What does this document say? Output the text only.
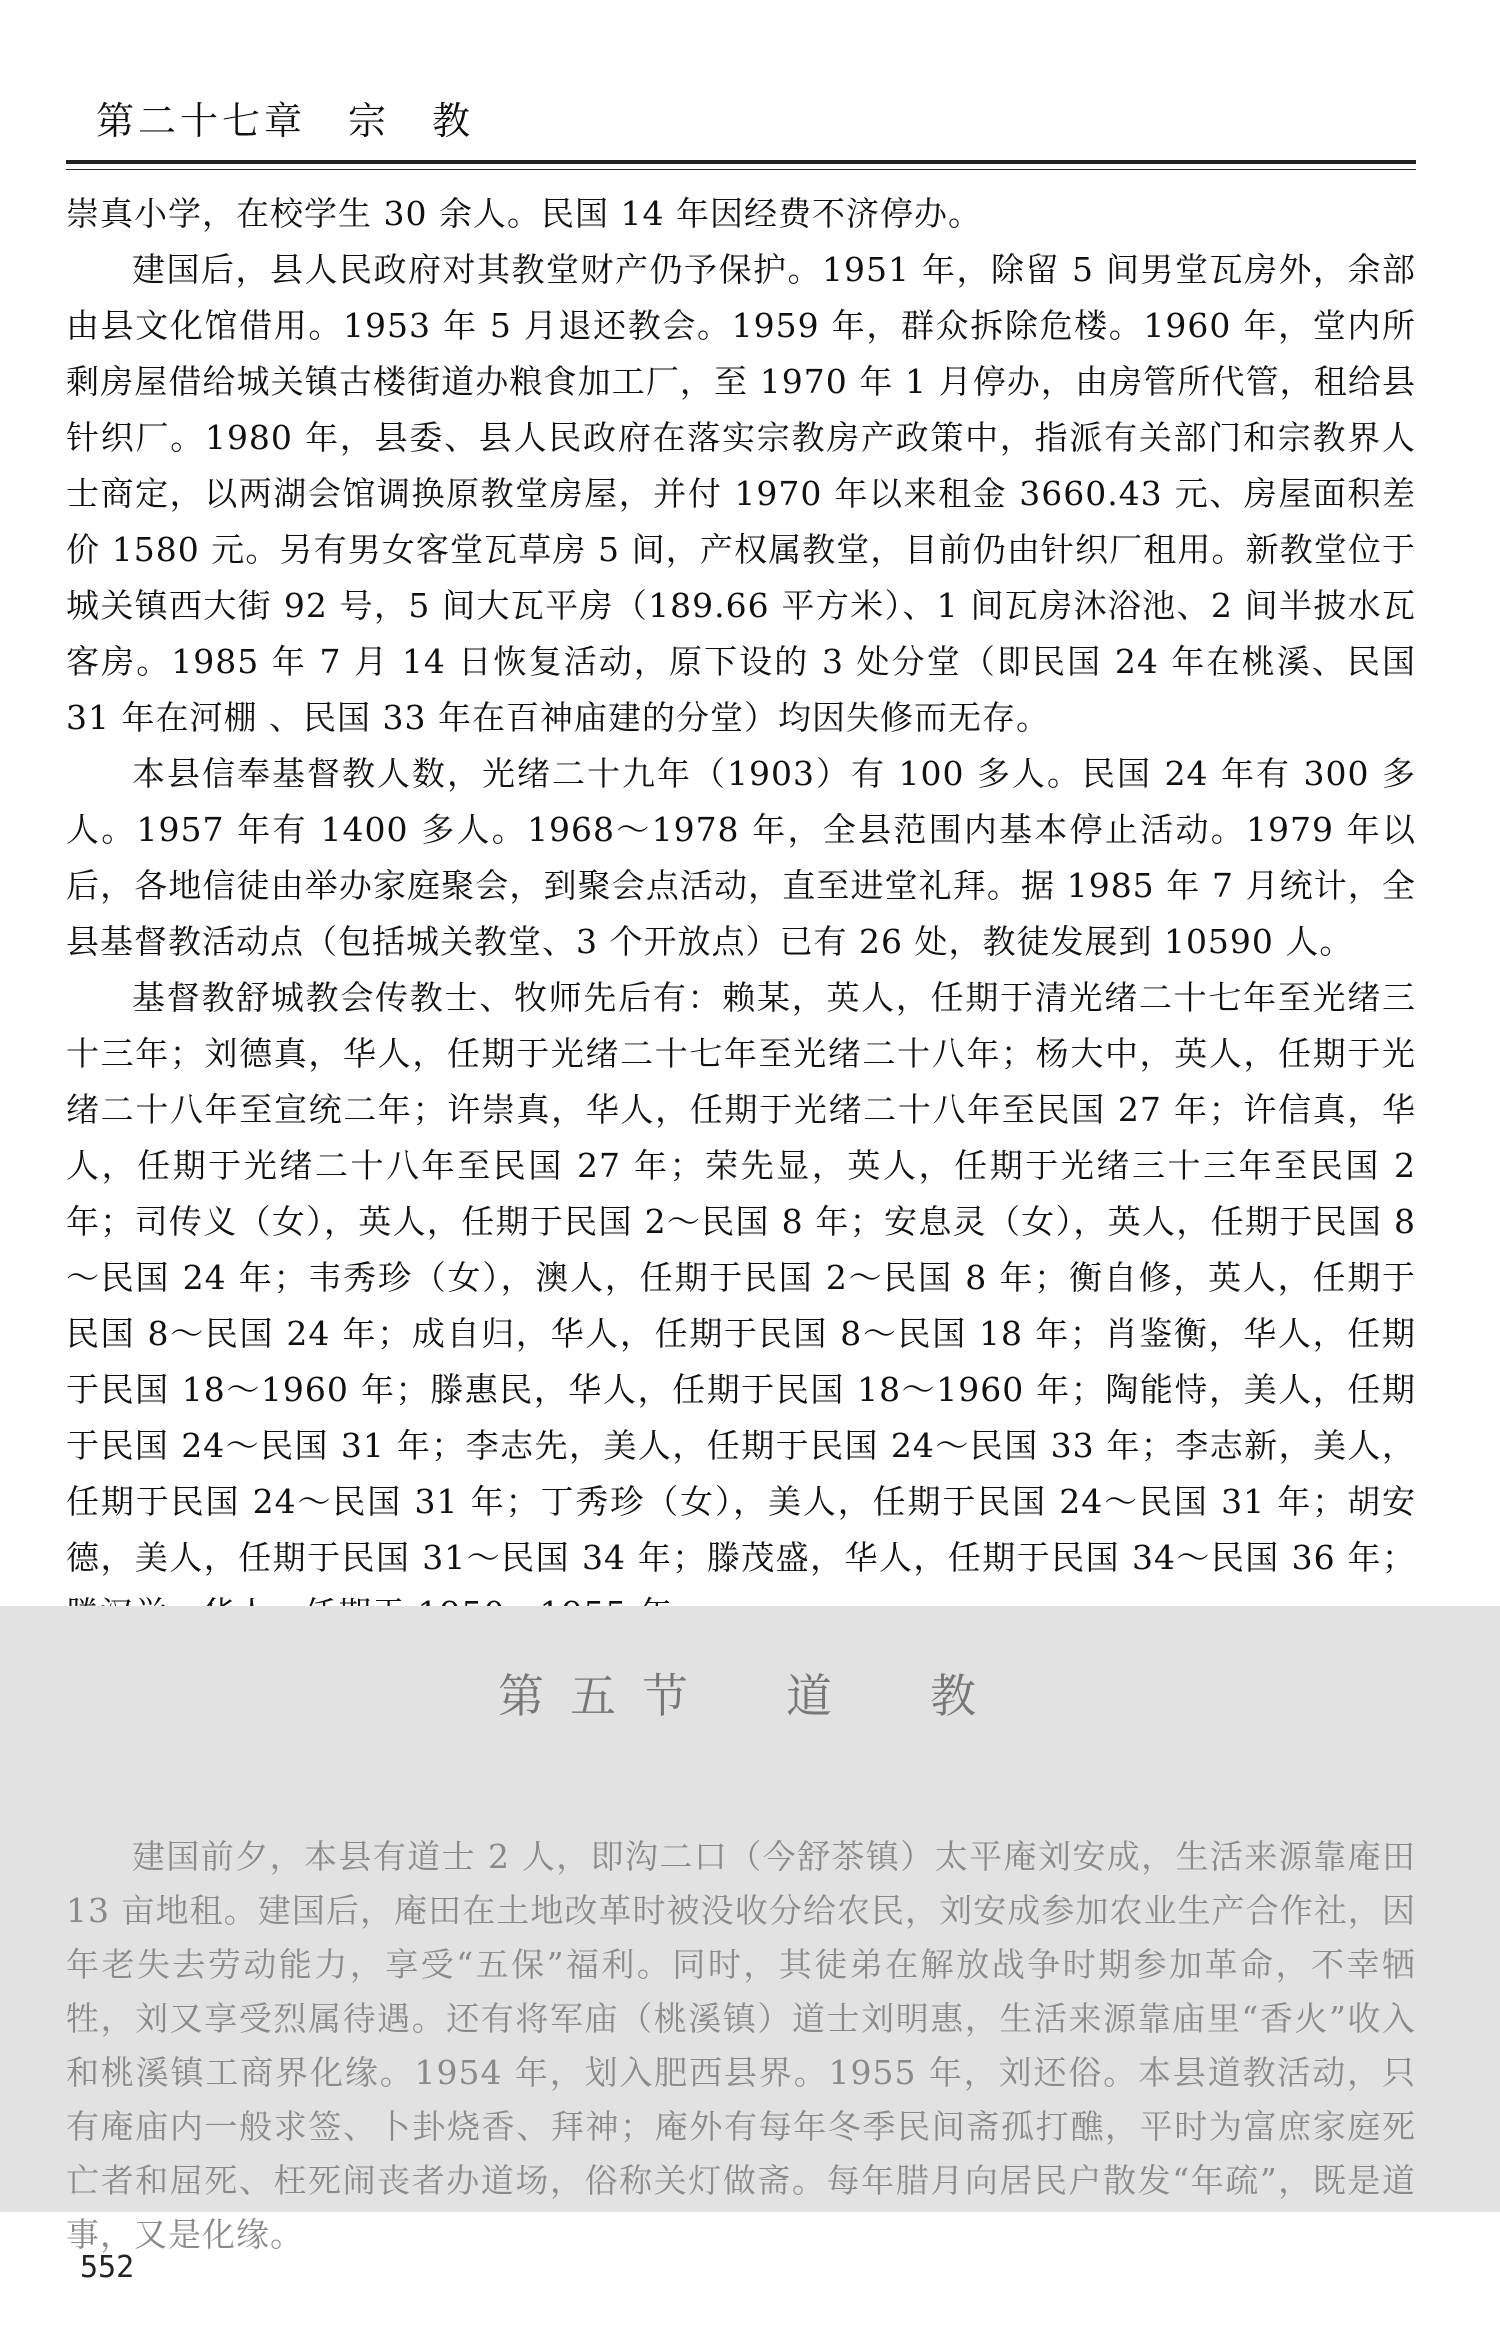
第二十七章　宗　教

崇真小学，在校学生 30 余人。民国 14 年因经费不济停办。

建国后，县人民政府对其教堂财产仍予保护。1951 年，除留 5 间男堂瓦房外，余部由县文化馆借用。1953 年 5 月退还教会。1959 年，群众拆除危楼。1960 年，堂内所剩房屋借给城关镇古楼街道办粮食加工厂，至 1970 年 1 月停办，由房管所代管，租给县针织厂。1980 年，县委、县人民政府在落实宗教房产政策中，指派有关部门和宗教界人士商定，以两湖会馆调换原教堂房屋，并付 1970 年以来租金 3660.43 元、房屋面积差价 1580 元。另有男女客堂瓦草房 5 间，产权属教堂，目前仍由针织厂租用。新教堂位于城关镇西大街 92 号，5 间大瓦平房（189.66 平方米）、1 间瓦房沐浴池、2 间半披水瓦客房。1985 年 7 月 14 日恢复活动，原下设的 3 处分堂（即民国 24 年在桃溪、民国 31 年在河棚 、民国 33 年在百神庙建的分堂）均因失修而无存。

本县信奉基督教人数，光绪二十九年（1903）有 100 多人。民国 24 年有 300 多人。1957 年有 1400 多人。1968～1978 年，全县范围内基本停止活动。1979 年以后，各地信徒由举办家庭聚会，到聚会点活动，直至进堂礼拜。据 1985 年 7 月统计，全县基督教活动点（包括城关教堂、3 个开放点）已有 26 处，教徒发展到 10590 人。

基督教舒城教会传教士、牧师先后有：赖某，英人，任期于清光绪二十七年至光绪三十三年；刘德真，华人，任期于光绪二十七年至光绪二十八年；杨大中，英人，任期于光绪二十八年至宣统二年；许崇真，华人，任期于光绪二十八年至民国 27 年；许信真，华人，任期于光绪二十八年至民国 27 年；荣先显，英人，任期于光绪三十三年至民国 2 年；司传义（女），英人，任期于民国 2～民国 8 年；安息灵（女），英人，任期于民国 8～民国 24 年；韦秀珍（女），澳人，任期于民国 2～民国 8 年；衡自修，英人，任期于民国 8～民国 24 年；成自归，华人，任期于民国 8～民国 18 年；肖鉴衡，华人，任期于民国 18～1960 年；滕惠民，华人，任期于民国 18～1960 年；陶能恃，美人，任期于民国 24～民国 31 年；李志先，美人，任期于民国 24～民国 33 年；李志新，美人，任期于民国 24～民国 31 年；丁秀珍（女），美人，任期于民国 24～民国 31 年；胡安德，美人，任期于民国 31～民国 34 年；滕茂盛，华人，任期于民国 34～民国 36 年；

第五节　道　教

建国前夕，本县有道士 2 人，即沟二口（今舒茶镇）太平庵刘安成，生活来源靠庵田 13 亩地租。建国后，庵田在土地改革时被没收分给农民，刘安成参加农业生产合作社，因年老失去劳动能力，享受“五保”福利。同时，其徒弟在解放战争时期参加革命，不幸牺牲，刘又享受烈属待遇。还有将军庙（桃溪镇）道士刘明惠，生活来源靠庙里“香火”收入和桃溪镇工商界化缘。1954 年，划入肥西县界。1955 年，刘还俗。本县道教活动，只有庵庙内一般求签、卜卦烧香、拜神；庵外有每年冬季民间斋孤打醮，平时为富庶家庭死亡者和屈死、枉死闹丧者办道场，俗称关灯做斋。每年腊月向居民户散发“年疏”，既是道事，又是化缘。

552
